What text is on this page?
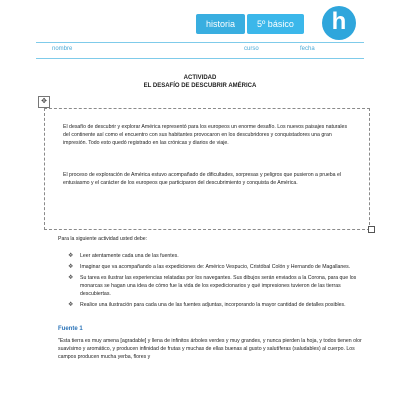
historia	5º básico	h
nombre	curso	fecha
ACTIVIDAD
EL DESAFÍO DE DESCUBRIR AMÉRICA
✥

El desafío de descubrir y explorar América representó para los europeos un enorme desafío. Los nuevos paisajes naturales del continente así como el encuentro con sus habitantes provocaron en los descubridores y conquistadores una gran impresión. Todo esto quedó registrado en las crónicas y diarios de viaje.

El proceso de exploración de América estuvo acompañado de dificultades, sorpresas y peligros que pusieron a prueba el entusiasmo y el carácter de los europeos que participaron del descubrimiento y conquista de América.

Para la siguiente actividad usted debe:
❖ Leer atentamente cada una de las fuentes.
❖ Imaginar que va acompañando a las expediciones de: Américo Vespucio, Cristóbal Colón y Hernando de Magallanes.
❖ Su tarea es ilustrar las experiencias relatadas por los navegantes. Sus dibujos serán enviados a la Corona, para que los monarcas se hagan una idea de cómo fue la vida de los expedicionarios y qué impresiones tuvieron de las tierras descubiertas.
❖ Realice una ilustración para cada una de las fuentes adjuntas, incorporando la mayor cantidad de detalles posibles.
Fuente 1
"Esta tierra es muy amena [agradable] y llena de infinitos árboles verdes y muy grandes, y nunca pierden la hoja, y todos tienen olor suavísimo y aromático, y producen infinidad de frutas y muchas de ellas buenas al gusto y salutíferas (saludables) al cuerpo. Los campos producen mucha yerba, flores y
